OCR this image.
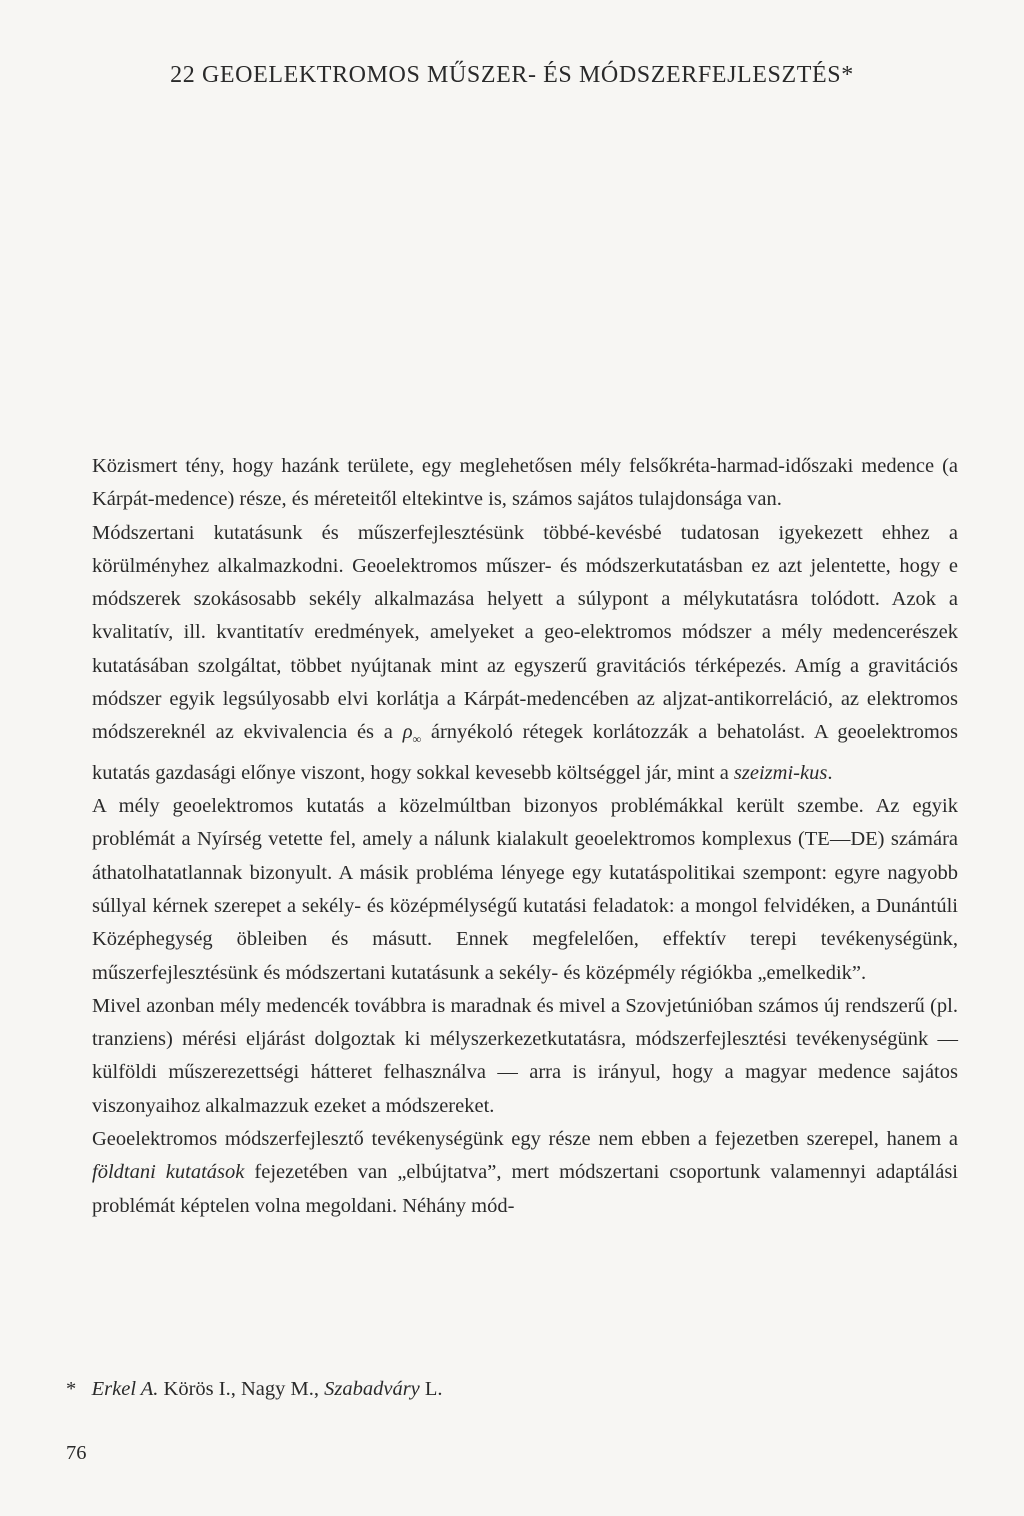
22 GEOELEKTROMOS MŰSZER- ÉS MÓDSZERFEJLESZTÉS*

Közismert tény, hogy hazánk területe, egy meglehetősen mély felsőkréta-harmad-időszaki medence (a Kárpát-medence) része, és méreteitől eltekintve is, számos sajátos tulajdonsága van.

Módszertani kutatásunk és műszerfejlesztésünk többé-kevésbé tudatosan igyekezett ehhez a körülményhez alkalmazkodni. Geoelektromos műszer- és módszerkutatásban ez azt jelentette, hogy e módszerek szokásosabb sekély alkalmazása helyett a súlypont a mélykutatásra tolódott. Azok a kvalitatív, ill. kvantitatív eredmények, amelyeket a geo-elektromos módszer a mély medencerészek kutatásában szolgáltat, többet nyújtanak mint az egyszerű gravitációs térképezés. Amíg a gravitációs módszer egyik legsúlyosabb elvi korlátja a Kárpát-medencében az aljzat-antikorreláció, az elektromos módszereknél az ekvivalencia és a $\rho_\infty$ árnyékoló rétegek korlátozzák a behatolást. A geoelektromos kutatás gazdasági előnye viszont, hogy sokkal kevesebb költséggel jár, mint a szeizmi-kus.

A mély geoelektromos kutatás a közelmúltban bizonyos problémákkal került szembe. Az egyik problémát a Nyírség vetette fel, amely a nálunk kialakult geoelektromos komplexus (TE—DE) számára áthatolhatatlannak bizonyult. A másik probléma lényege egy kutatáspolitikai szempont: egyre nagyobb súllyal kérnek szerepet a sekély- és középmélységű kutatási feladatok: a mongol felvidéken, a Dunántúli Középhegység öbleiben és másutt. Ennek megfelelően, effektív terepi tevékenységünk, műszerfejlesztésünk és módszertani kutatásunk a sekély- és középmély régiókba „emelkedik”.

Mivel azonban mély medencék továbbra is maradnak és mivel a Szovjetúnióban számos új rendszerű (pl. tranziens) mérési eljárást dolgoztak ki mélyszerkezetkutatásra, módszerfejlesztési tevékenységünk — külföldi műszerezettségi hátteret felhasználva — arra is irányul, hogy a magyar medence sajátos viszonyaihoz alkalmazzuk ezeket a módszereket.

Geoelektromos módszerfejlesztő tevékenységünk egy része nem ebben a fejezetben szerepel, hanem a földtani kutatások fejezetében van „elbújtatva”, mert módszertani csoportunk valamennyi adaptálási problémát képtelen volna megoldani. Néhány mód-

* Erkel A. Körös I., Nagy M., Szabadváry L.
76
